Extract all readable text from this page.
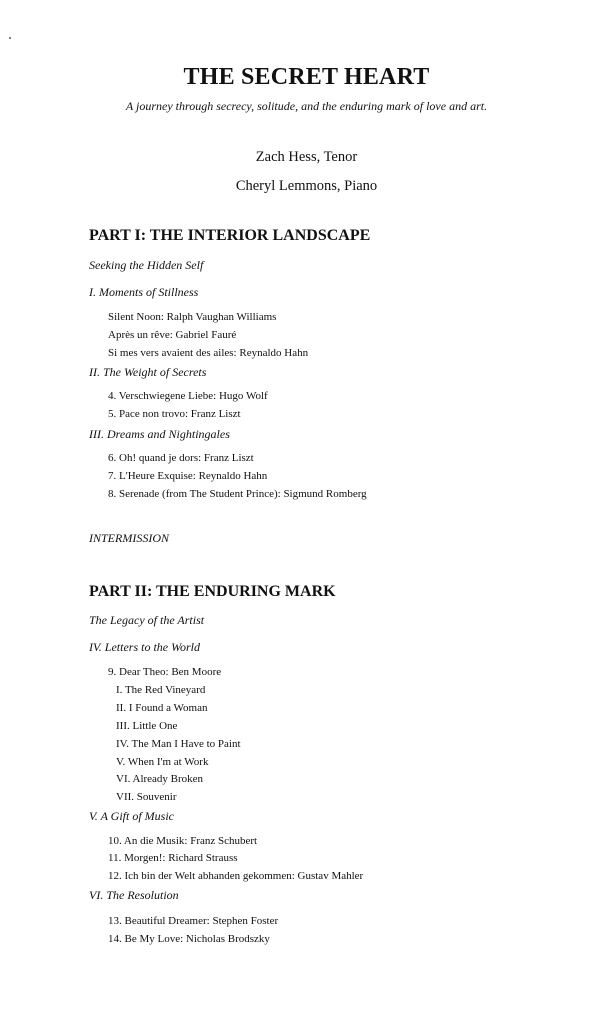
THE SECRET HEART
A journey through secrecy, solitude, and the enduring mark of love and art.
Zach Hess, Tenor
Cheryl Lemmons, Piano
PART I: THE INTERIOR LANDSCAPE
Seeking the Hidden Self
I. Moments of Stillness
Silent Noon: Ralph Vaughan Williams
Après un rêve: Gabriel Fauré
Si mes vers avaient des ailes: Reynaldo Hahn
II. The Weight of Secrets
4. Verschwiegene Liebe: Hugo Wolf
5. Pace non trovo: Franz Liszt
III. Dreams and Nightingales
6. Oh! quand je dors: Franz Liszt
7. L'Heure Exquise: Reynaldo Hahn
8. Serenade (from The Student Prince): Sigmund Romberg
INTERMISSION
PART II: THE ENDURING MARK
The Legacy of the Artist
IV. Letters to the World
9. Dear Theo: Ben Moore
I. The Red Vineyard
II. I Found a Woman
III. Little One
IV. The Man I Have to Paint
V. When I'm at Work
VI. Already Broken
VII. Souvenir
V. A Gift of Music
10. An die Musik: Franz Schubert
11. Morgen!: Richard Strauss
12. Ich bin der Welt abhanden gekommen: Gustav Mahler
VI. The Resolution
13. Beautiful Dreamer: Stephen Foster
14. Be My Love: Nicholas Brodszky
